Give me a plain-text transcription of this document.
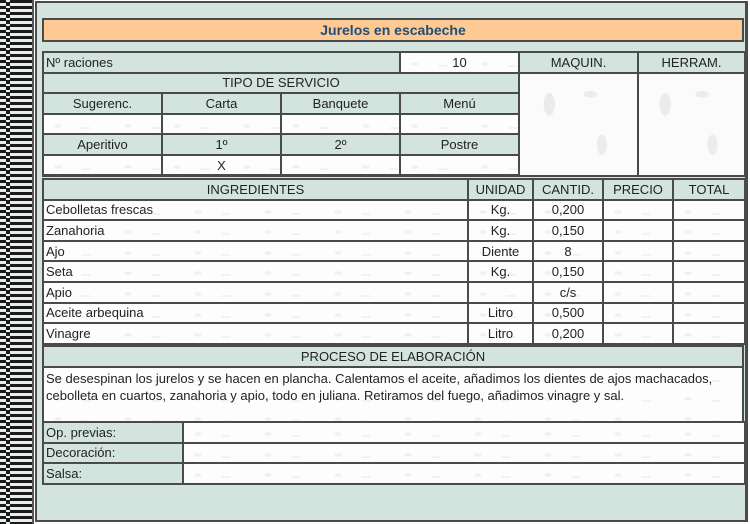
Jurelos en escabeche
Nº raciones			10	MAQUIN.	HERRAM.
TIPO DE SERVICIO					
Sugerenc.	Carta	Banquete	Menú		

Aperitivo	1º	2º	Postre		
	X				
INGREDIENTES	UNIDAD	CANTID.	PRECIO	TOTAL
Cebolletas frescas	Kg.	0,200		
Zanahoria	Kg.	0,150		
Ajo	Diente	8		
Seta	Kg.	0,150		
Apio		c/s		
Aceite arbequina	Litro	0,500		
Vinagre	Litro	0,200		
PROCESO DE ELABORACIÓN
Se desespinan los jurelos y se hacen en plancha. Calentamos el aceite, añadimos los dientes de ajos machacados, cebolleta en cuartos, zanahoria y apio, todo en juliana. Retiramos del fuego, añadimos vinagre y sal.
Op. previas:	
Decoración:	
Salsa:	
